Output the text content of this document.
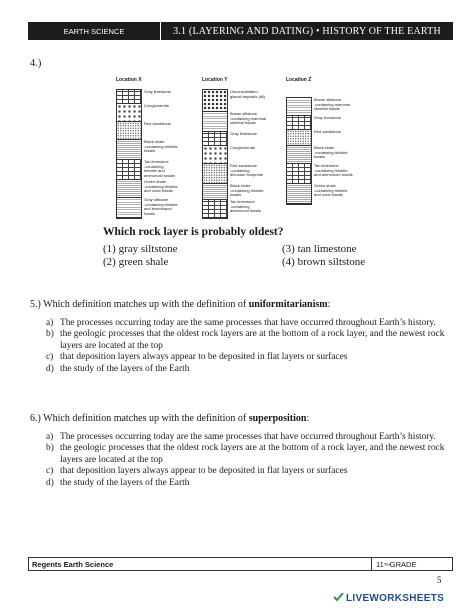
EARTH SCIENCE	3.1 (LAYERING AND DATING) • HISTORY OF THE EARTH
4.)
Location X
Gray limestone
Conglomerate
Red sandstone
Black shale
-containing trilobite
fossils
Tan limestone
-containing
trilobite and
ammonoid fossils
Green shale
-containing trilobite
and coral fossils
Gray siltstone
-containing trilobite
and brachiopod
fossils
Location Y
Unconsolidated
glacial deposits (till)
Brown siltstone
-containing mammal
skeletal fossils
Gray limestone
Conglomerate
Red sandstone
-containing
dinosaur footprints
Black shale
-containing trilobite
fossils
Tan limestone
-containing
ammonoid fossils
Location Z
Brown siltstone
-containing mammal
skeletal fossils
Gray limestone
Red sandstone
Black shale
-containing trilobite
fossils
Tan limestone
-containing trilobite
and ammonoid fossils
Green shale
-containing trilobite
and coral fossils
Which rock layer is probably oldest?
(1) gray siltstone
(2) green shale
(3) tan limestone
(4) brown siltstone
5.) Which definition matches up with the definition of uniformitarianism:

a) The processes occurring today are the same processes that have occurred throughout Earth’s history.

b) the geologic processes that the oldest rock layers are at the bottom of a rock layer, and the newest rock layers are located at the top

c) that deposition layers always appear to be deposited in flat layers or surfaces

d) the study of the layers of the Earth

6.) Which definition matches up with the definition of superposition:

a) The processes occurring today are the same processes that have occurred throughout Earth’s history.

b) the geologic processes that the oldest rock layers are at the bottom of a rock layer, and the newest rock layers are located at the top

c) that deposition layers always appear to be deposited in flat layers or surfaces

d) the study of the layers of the Earth

Regents Earth Science	11 TH GRADE
5
LIVEWORKSHEETS
